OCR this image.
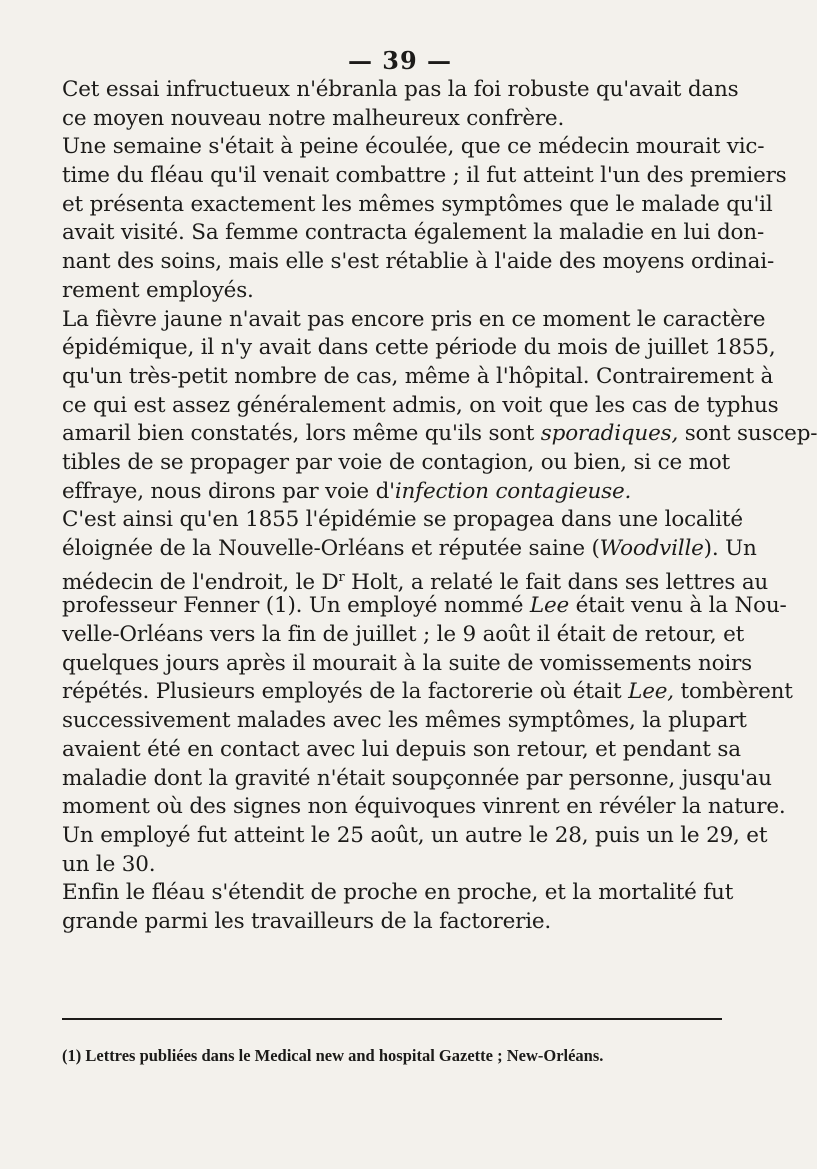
— 39 —
Cet essai infructueux n'ébranla pas la foi robuste qu'avait dans
ce moyen nouveau notre malheureux confrère.
Une semaine s'était à peine écoulée, que ce médecin mourait vic-
time du fléau qu'il venait combattre ; il fut atteint l'un des premiers
et présenta exactement les mêmes symptômes que le malade qu'il
avait visité. Sa femme contracta également la maladie en lui don-
nant des soins, mais elle s'est rétablie à l'aide des moyens ordinai-
rement employés.
La fièvre jaune n'avait pas encore pris en ce moment le caractère
épidémique, il n'y avait dans cette période du mois de juillet 1855,
qu'un très-petit nombre de cas, même à l'hôpital. Contrairement à
ce qui est assez généralement admis, on voit que les cas de typhus
amaril bien constatés, lors même qu'ils sont sporadiques, sont suscep-
tibles de se propager par voie de contagion, ou bien, si ce mot
effraye, nous dirons par voie d'infection contagieuse.
C'est ainsi qu'en 1855 l'épidémie se propagea dans une localité
éloignée de la Nouvelle-Orléans et réputée saine (Woodville). Un
médecin de l'endroit, le $D^r$ Holt, a relaté le fait dans ses lettres au
professeur Fenner (1). Un employé nommé Lee était venu à la Nou-
velle-Orléans vers la fin de juillet ; le 9 août il était de retour, et
quelques jours après il mourait à la suite de vomissements noirs
répétés. Plusieurs employés de la factorerie où était Lee, tombèrent
successivement malades avec les mêmes symptômes, la plupart
avaient été en contact avec lui depuis son retour, et pendant sa
maladie dont la gravité n'était soupçonnée par personne, jusqu'au
moment où des signes non équivoques vinrent en révéler la nature.
Un employé fut atteint le 25 août, un autre le 28, puis un le 29, et
un le 30.
Enfin le fléau s'étendit de proche en proche, et la mortalité fut
grande parmi les travailleurs de la factorerie.
(1) Lettres publiées dans le Medical new and hospital Gazette ; New-Orléans.
